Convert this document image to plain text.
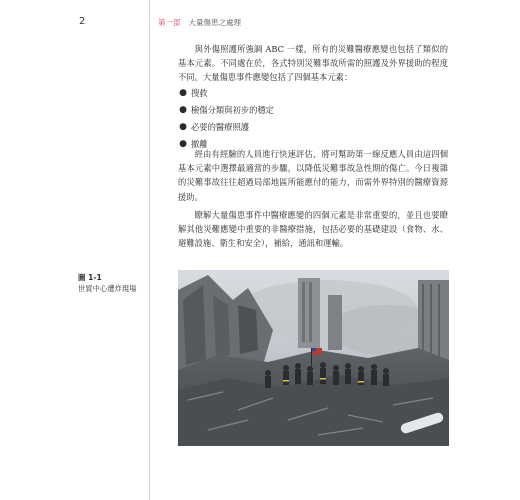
2	第一部 大量傷患之處理

與外傷照護所強調 ABC 一樣，所有的災難醫療應變也包括了類似的基本元素。不同處在於，各式特別災難事故所需的照護及外界援助的程度不同。大量傷患事件應變包括了四個基本元素：

● 搜救
● 檢傷分類與初步的穩定
● 必要的醫療照護
● 撤離

經由有經驗的人員進行快速評估，將可幫助第一線反應人員由這四個基本元素中選擇最適當的步驟，以降低災難事故急性期的傷亡。今日複雜的災難事故往往超過局部地區所能應付的能力，而需外界特別的醫療資源援助。

瞭解大量傷患事件中醫療應變的四個元素是非常重要的，並且也要瞭解其他災難應變中重要的非醫療措施，包括必要的基礎建設（食物、水、避難設施、衛生和安全），補給，通訊和運輸。

圖 1-1
世貿中心遭炸現場
